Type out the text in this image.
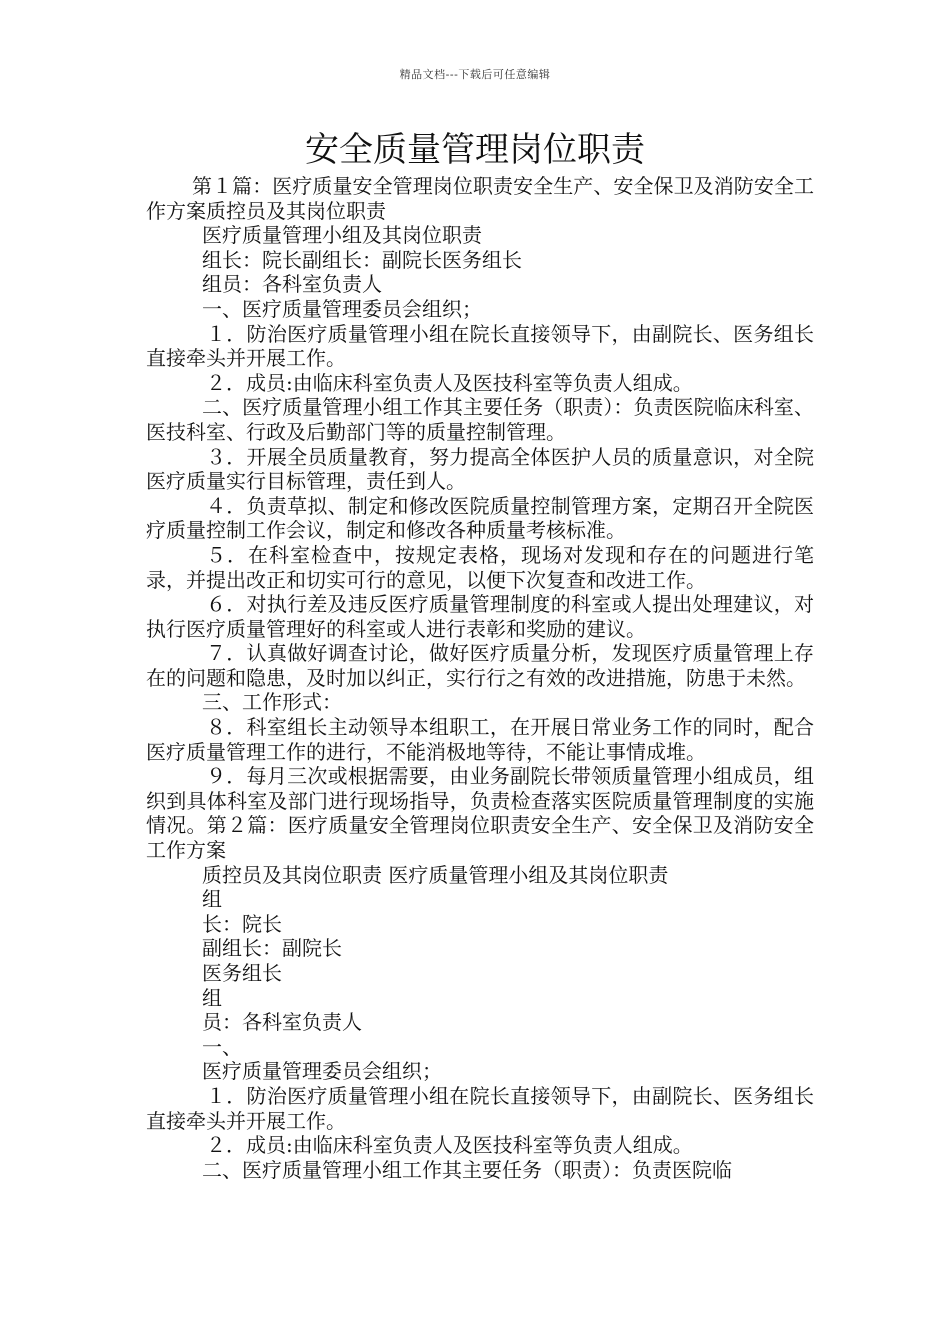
精品文档---下载后可任意编辑
安全质量管理岗位职责

第１篇：医疗质量安全管理岗位职责安全生产、安全保卫及消防安全工作方案质控员及其岗位职责

医疗质量管理小组及其岗位职责

组长：院长副组长：副院长医务组长

组员：各科室负责人

一、医疗质量管理委员会组织；

１．防治医疗质量管理小组在院长直接领导下，由副院长、医务组长直接牵头并开展工作。

２．成员:由临床科室负责人及医技科室等负责人组成。

二、医疗质量管理小组工作其主要任务（职责）：负责医院临床科室、医技科室、行政及后勤部门等的质量控制管理。

３．开展全员质量教育，努力提高全体医护人员的质量意识，对全院医疗质量实行目标管理，责任到人。

４．负责草拟、制定和修改医院质量控制管理方案，定期召开全院医疗质量控制工作会议，制定和修改各种质量考核标准。

５．在科室检查中，按规定表格，现场对发现和存在的问题进行笔录，并提出改正和切实可行的意见，以便下次复查和改进工作。

６．对执行差及违反医疗质量管理制度的科室或人提出处理建议，对执行医疗质量管理好的科室或人进行表彰和奖励的建议。

７．认真做好调查讨论，做好医疗质量分析，发现医疗质量管理上存在的问题和隐患，及时加以纠正，实行行之有效的改进措施，防患于未然。

三、工作形式：

８．科室组长主动领导本组职工，在开展日常业务工作的同时，配合医疗质量管理工作的进行，不能消极地等待，不能让事情成堆。

９．每月三次或根据需要，由业务副院长带领质量管理小组成员，组织到具体科室及部门进行现场指导，负责检查落实医院质量管理制度的实施情况。第２篇：医疗质量安全管理岗位职责安全生产、安全保卫及消防安全工作方案

质控员及其岗位职责 医疗质量管理小组及其岗位职责

组

长：院长

副组长：副院长

医务组长

组

员：各科室负责人

一、

医疗质量管理委员会组织；

１．防治医疗质量管理小组在院长直接领导下，由副院长、医务组长直接牵头并开展工作。

２．成员:由临床科室负责人及医技科室等负责人组成。

二、医疗质量管理小组工作其主要任务（职责）：负责医院临
